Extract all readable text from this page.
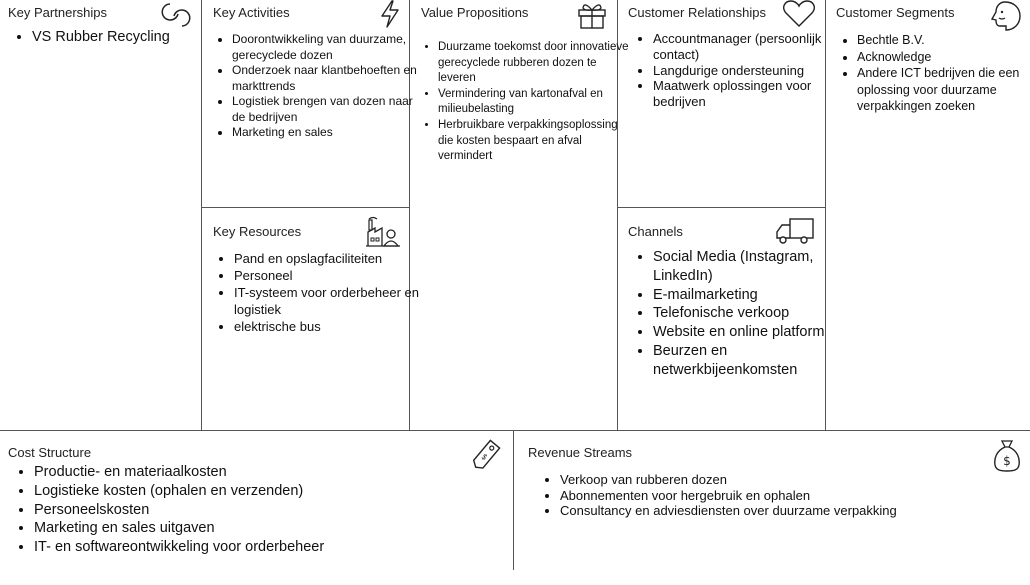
Key Partnerships
• VS Rubber Recycling
Key Activities
• Doorontwikkeling van duurzame, gerecyclede dozen
• Onderzoek naar klantbehoeften en markttrends
• Logistiek brengen van dozen naar de bedrijven
• Marketing en sales
Key Resources
• Pand en opslagfaciliteiten
• Personeel
• IT-systeem voor orderbeheer en logistiek
• elektrische bus
Value Propositions
• Duurzame toekomst door innovatieve gerecyclede rubberen dozen te leveren
• Vermindering van kartonafval en milieubelasting
• Herbruikbare verpakkingsoplossing die kosten bespaart en afval vermindert
Customer Relationships
• Accountmanager (persoonlijk contact)
• Langdurige ondersteuning
• Maatwerk oplossingen voor bedrijven
Channels
• Social Media (Instagram, LinkedIn)
• E-mailmarketing
• Telefonische verkoop
• Website en online platform
• Beurzen en netwerkbijeenkomsten
Customer Segments
• Bechtle B.V.
• Acknowledge
• Andere ICT bedrijven die een oplossing voor duurzame verpakkingen zoeken
Cost Structure	$
• Productie- en materiaalkosten
• Logistieke kosten (ophalen en verzenden)
• Personeelskosten
• Marketing en sales uitgaven
• IT- en softwareontwikkeling voor orderbeheer
Revenue Streams
$
• Verkoop van rubberen dozen
• Abonnementen voor hergebruik en ophalen
• Consultancy en adviesdiensten over duurzame verpakking
